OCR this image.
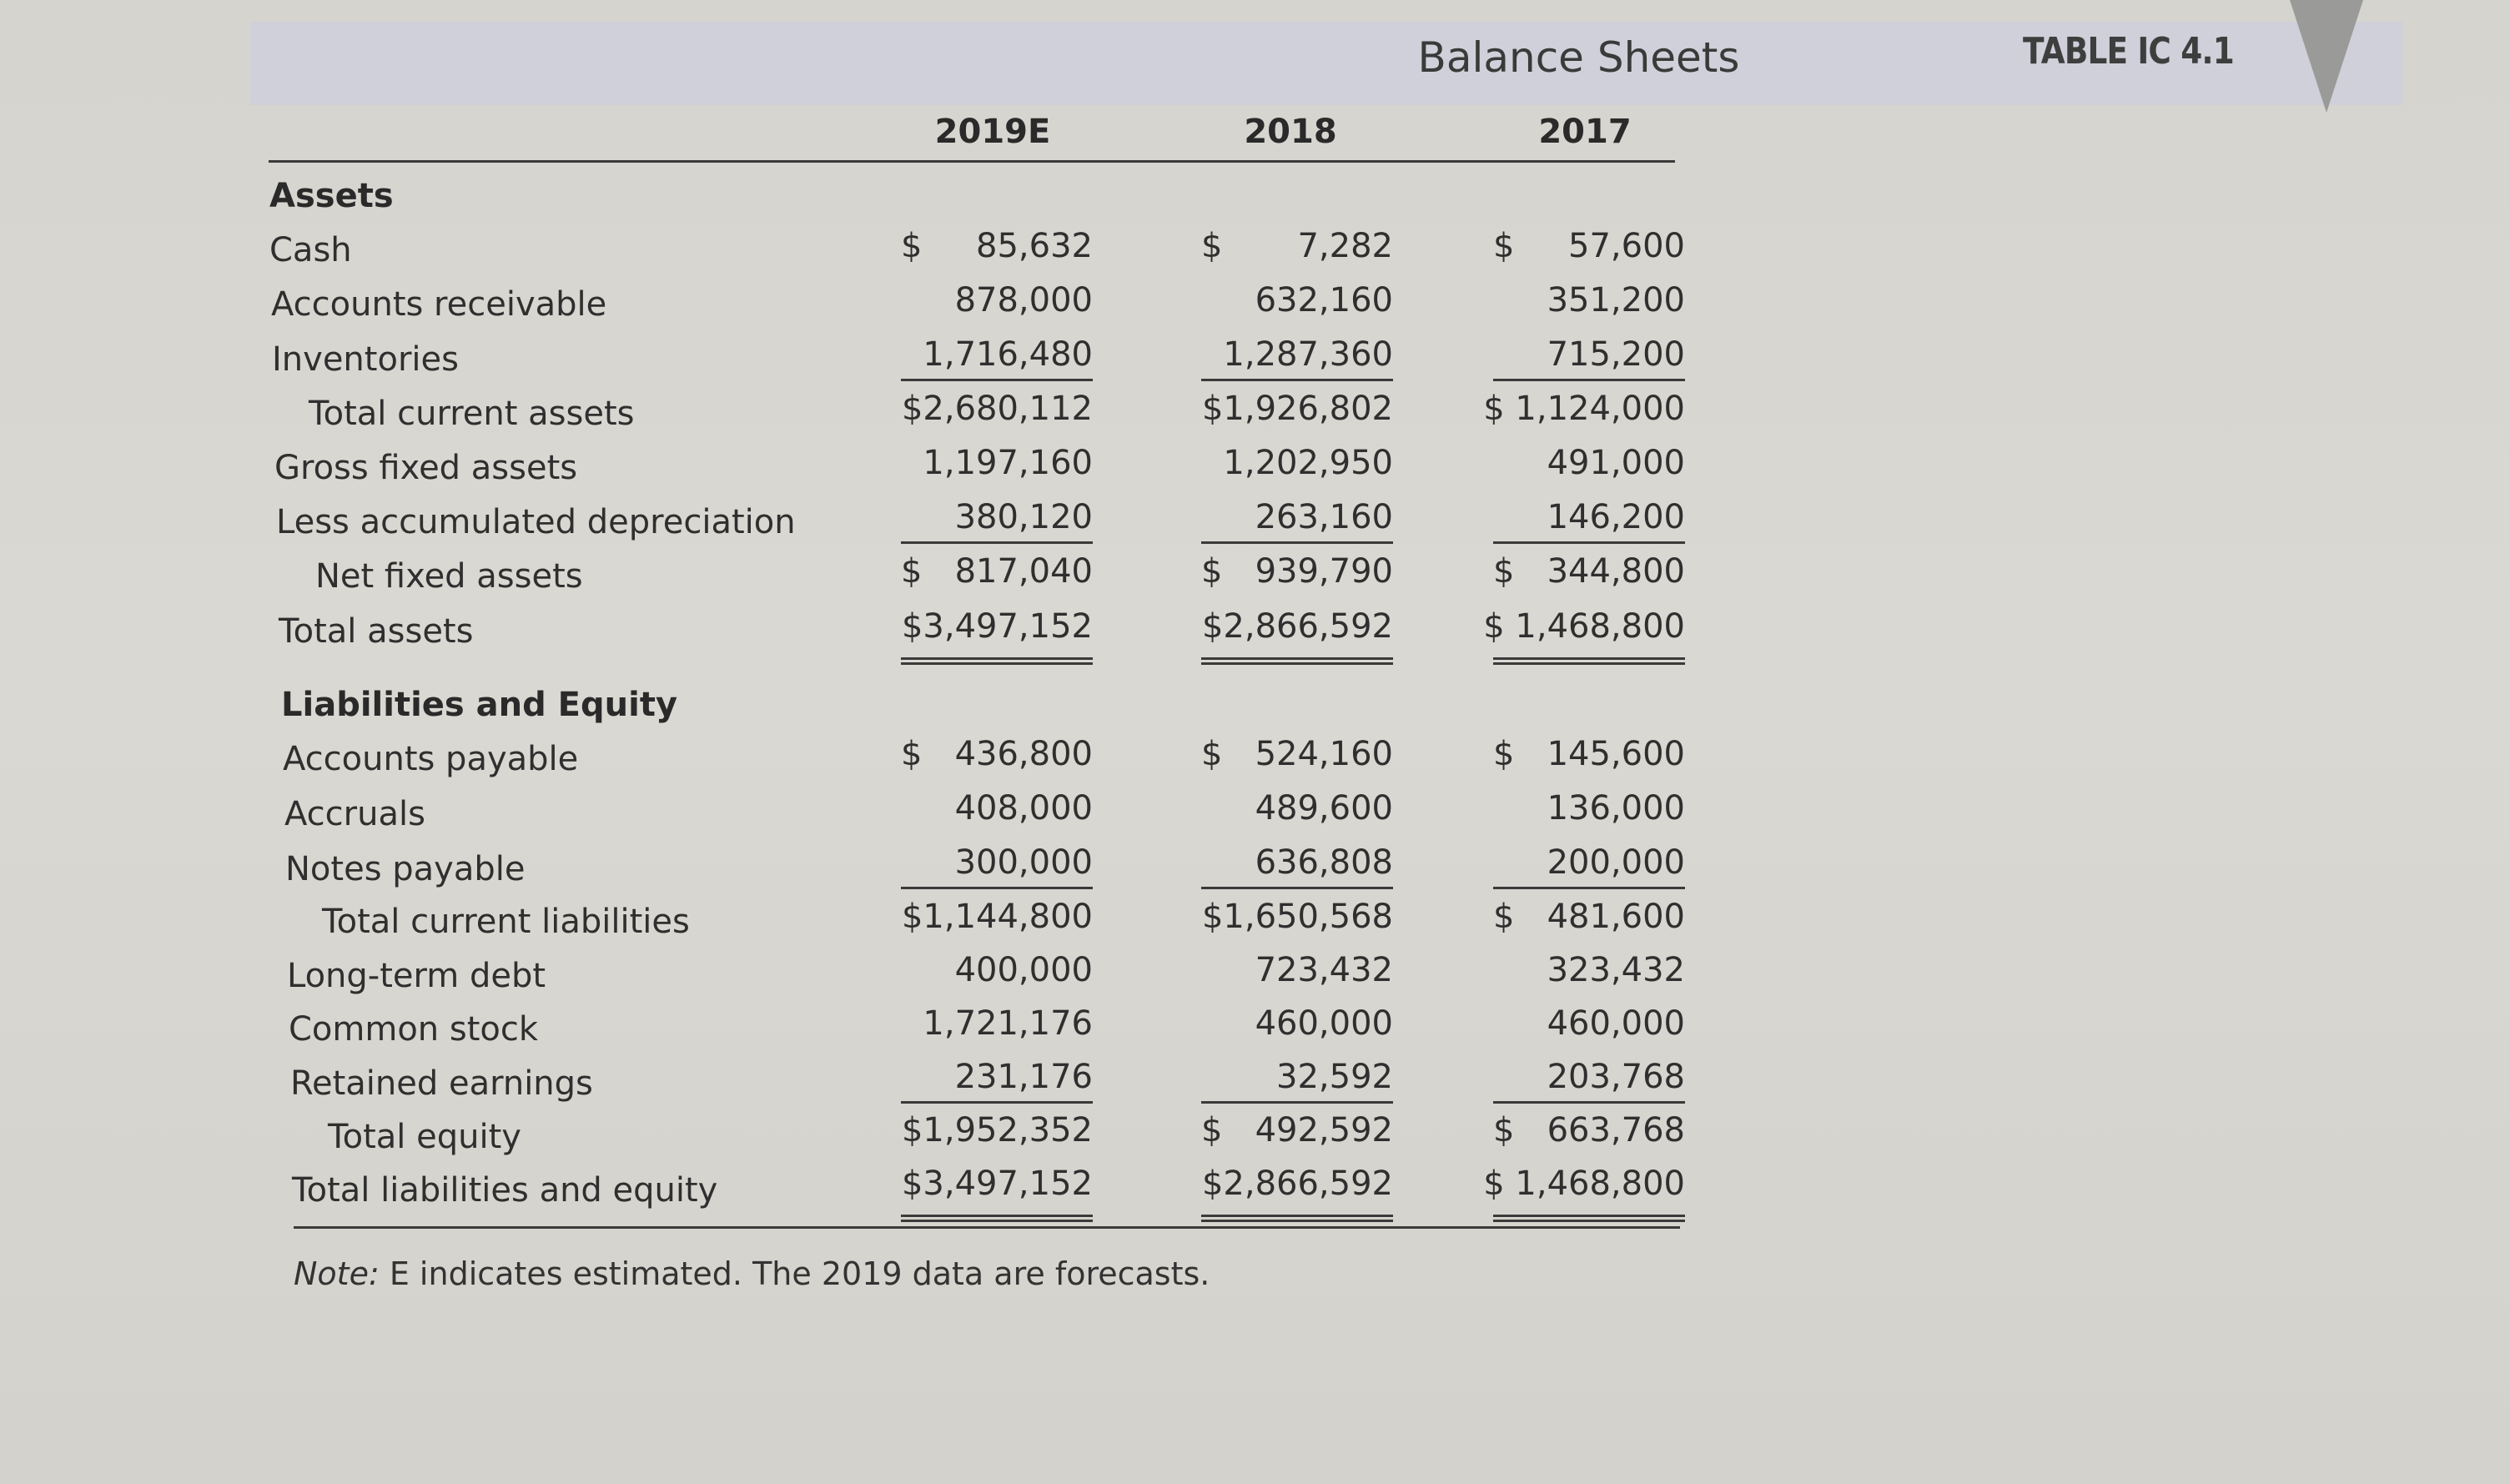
Balance Sheets	TABLE IC 4.1
2019E	2018	2017
Assets
Liabilities and Equity
Cash	$ 85,632	$ 7,282	$ 57,600
Accounts receivable	878,000	632,160	351,200
Inventories	1,716,480	1,287,360	715,200
Total current assets	$2,680,112	$1,926,802	$ 1,124,000
Gross fixed assets	1,197,160	1,202,950	491,000
Less accumulated depreciation	380,120	263,160	146,200
Net fixed assets	$ 817,040	$ 939,790	$ 344,800
Total assets	$3,497,152	$2,866,592	$ 1,468,800
Accounts payable	$ 436,800	$ 524,160	$ 145,600
Accruals	408,000	489,600	136,000
Notes payable	300,000	636,808	200,000
Total current liabilities	$1,144,800	$1,650,568	$ 481,600
Long-term debt	400,000	723,432	323,432
Common stock	1,721,176	460,000	460,000
Retained earnings	231,176	32,592	203,768
Total equity	$1,952,352	$ 492,592	$ 663,768
Total liabilities and equity	$3,497,152	$2,866,592	$ 1,468,800
Note: E indicates estimated. The 2019 data are forecasts.
